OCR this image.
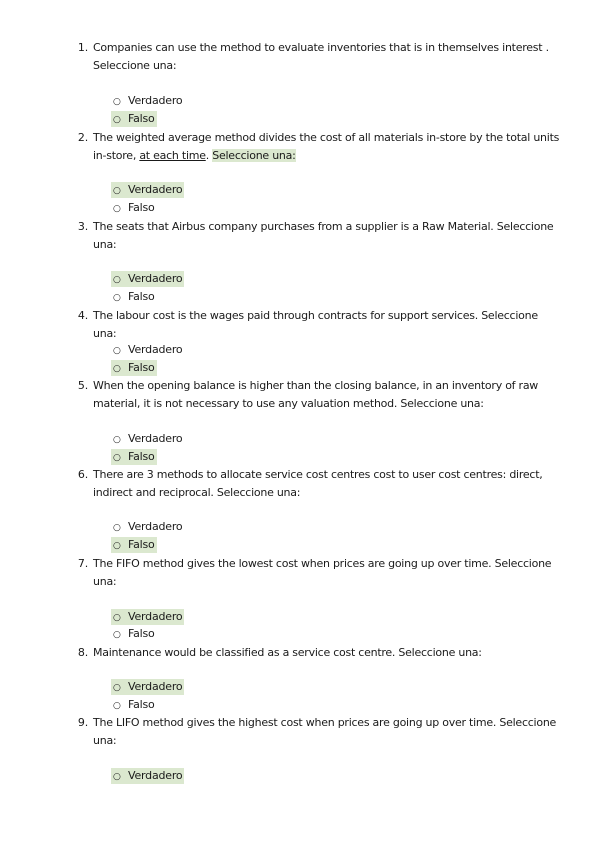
1. Companies can use the method to evaluate inventories that is in themselves interest .
Seleccione una:
○ Verdadero
○ Falso
2. The weighted average method divides the cost of all materials in-store by the total units
in-store, at each time. Seleccione una:
○ Verdadero
○ Falso
3. The seats that Airbus company purchases from a supplier is a Raw Material. Seleccione
una:
○ Verdadero
○ Falso
4. The labour cost is the wages paid through contracts for support services. Seleccione una:
○ Verdadero
○ Falso
5. When the opening balance is higher than the closing balance, in an inventory of raw
material, it is not necessary to use any valuation method. Seleccione una:
○ Verdadero
○ Falso
6. There are 3 methods to allocate service cost centres cost to user cost centres: direct,
indirect and reciprocal. Seleccione una:
○ Verdadero
○ Falso
7. The FIFO method gives the lowest cost when prices are going up over time. Seleccione
una:
○ Verdadero
○ Falso
8. Maintenance would be classified as a service cost centre. Seleccione una:
○ Verdadero
○ Falso
9. The LIFO method gives the highest cost when prices are going up over time. Seleccione
una:
○ Verdadero
